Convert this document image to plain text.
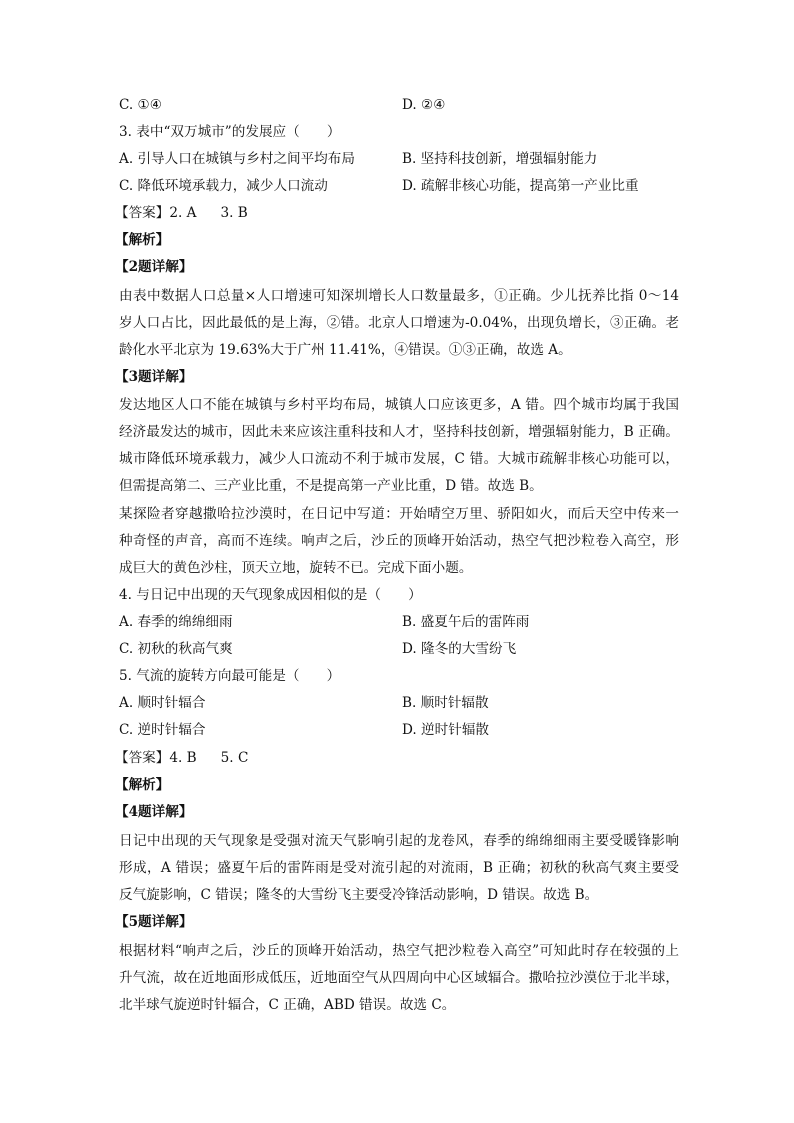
C. ①④	D. ②④
3. 表中“双万城市”的发展应（　　）
A. 引导人口在城镇与乡村之间平均布局	B. 坚持科技创新，增强辐射能力
C. 降低环境承载力，减少人口流动	D. 疏解非核心功能，提高第一产业比重
【答案】2. A 3. B
【解析】
【2题详解】
由表中数据人口总量×人口增速可知深圳增长人口数量最多，①正确。少儿抚养比指 0～14
岁人口占比，因此最低的是上海，②错。北京人口增速为-0.04%，出现负增长，③正确。老
龄化水平北京为 19.63%大于广州 11.41%，④错误。①③正确，故选 A。
【3题详解】
发达地区人口不能在城镇与乡村平均布局，城镇人口应该更多，A 错。四个城市均属于我国
经济最发达的城市，因此未来应该注重科技和人才，坚持科技创新，增强辐射能力，B 正确。
城市降低环境承载力，减少人口流动不利于城市发展，C 错。大城市疏解非核心功能可以，
但需提高第二、三产业比重，不是提高第一产业比重，D 错。故选 B。
某探险者穿越撒哈拉沙漠时，在日记中写道：开始晴空万里、骄阳如火，而后天空中传来一
种奇怪的声音，高而不连续。响声之后，沙丘的顶峰开始活动，热空气把沙粒卷入高空，形
成巨大的黄色沙柱，顶天立地，旋转不已。完成下面小题。
4. 与日记中出现的天气现象成因相似的是（　　）
A. 春季的绵绵细雨	B. 盛夏午后的雷阵雨
C. 初秋的秋高气爽	D. 隆冬的大雪纷飞
5. 气流的旋转方向最可能是（　　）
A. 顺时针辐合	B. 顺时针辐散
C. 逆时针辐合	D. 逆时针辐散
【答案】4. B 5. C
【解析】
【4题详解】
日记中出现的天气现象是受强对流天气影响引起的龙卷风，春季的绵绵细雨主要受暖锋影响
形成，A 错误；盛夏午后的雷阵雨是受对流引起的对流雨，B 正确；初秋的秋高气爽主要受
反气旋影响，C 错误；隆冬的大雪纷飞主要受冷锋活动影响，D 错误。故选 B。
【5题详解】
根据材料“响声之后，沙丘的顶峰开始活动，热空气把沙粒卷入高空”可知此时存在较强的上
升气流，故在近地面形成低压，近地面空气从四周向中心区域辐合。撒哈拉沙漠位于北半球，
北半球气旋逆时针辐合，C 正确，ABD 错误。故选 C。
